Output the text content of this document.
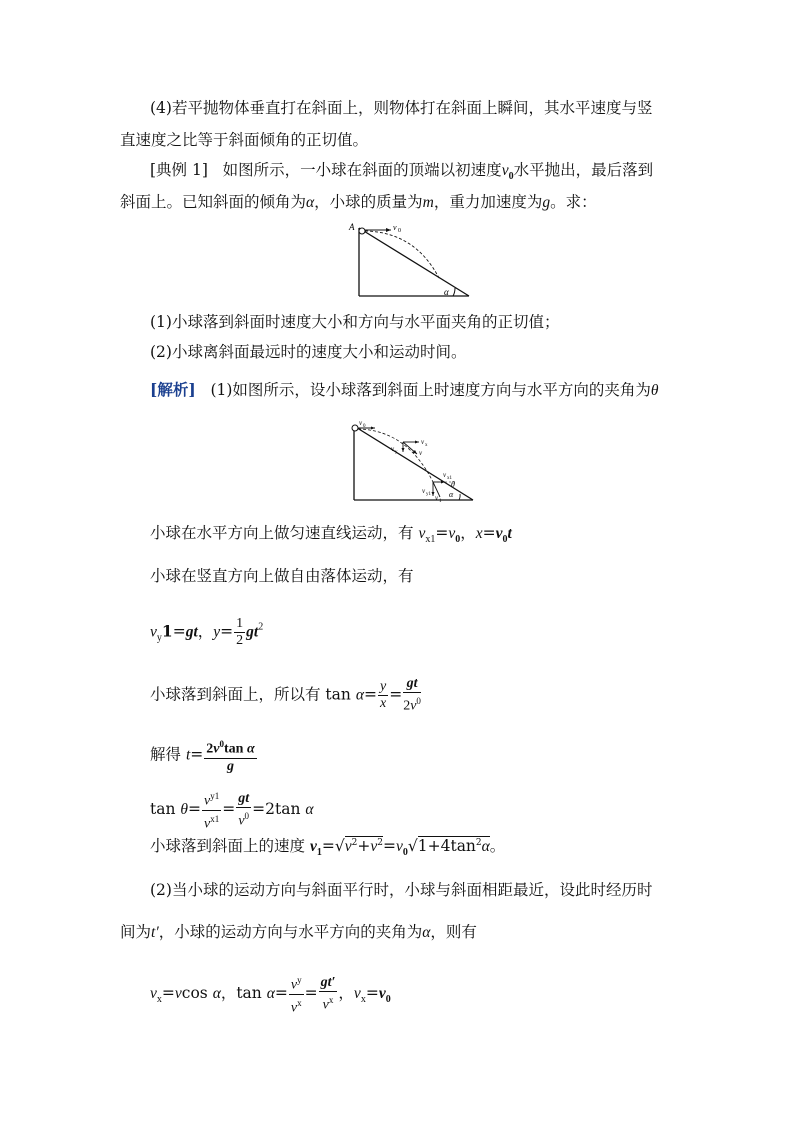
(4)若平抛物体垂直打在斜面上，则物体打在斜面上瞬间，其水平速度与竖
直速度之比等于斜面倾角的正切值。
[典例 1] 如图所示，一小球在斜面的顶端以初速度$v_0$水平抛出，最后落到
斜面上。已知斜面的倾角为α，小球的质量为m，重力加速度为g。求：
A	v 0
α
(1)小球落到斜面时速度大小和方向与水平面夹角的正切值；
(2)小球离斜面最远时的速度大小和运动时间。
[解析] (1)如图所示，设小球落到斜面上时速度方向与水平方向的夹角为θ
v 0
v x
v y	v
v x1
θ
v y1 v 1
α
小球在水平方向上做匀速直线运动，有 $v_{x1}=v_0$，$x=v_0t$
小球在竖直方向上做自由落体运动，有
$v_y1=gt$，$y= \frac{1}{2} gt^2$
小球落到斜面上，所以有 $\tan \alpha= \frac{y}{x} = \frac{gt}{2v^0}$
解得 $t= \frac{2v^0\tan \alpha}{g}$
$\tan \theta= \frac{v^{y1}}{v^{x1}} = \frac{gt}{v^0} =2\tan$ α
小球落到斜面上的速度 $v_1=√v^2+v^2=v_0√1+4\tan^2\alpha$。
(2)当小球的运动方向与斜面平行时，小球与斜面相距最近，设此时经历时
间为t′，小球的运动方向与水平方向的夹角为α，则有
$v_x=vcos$ α，$\tan \alpha= \frac{v^y}{v^x} = \frac{gt'}{v^x}$ ，$v_x=v_0$
